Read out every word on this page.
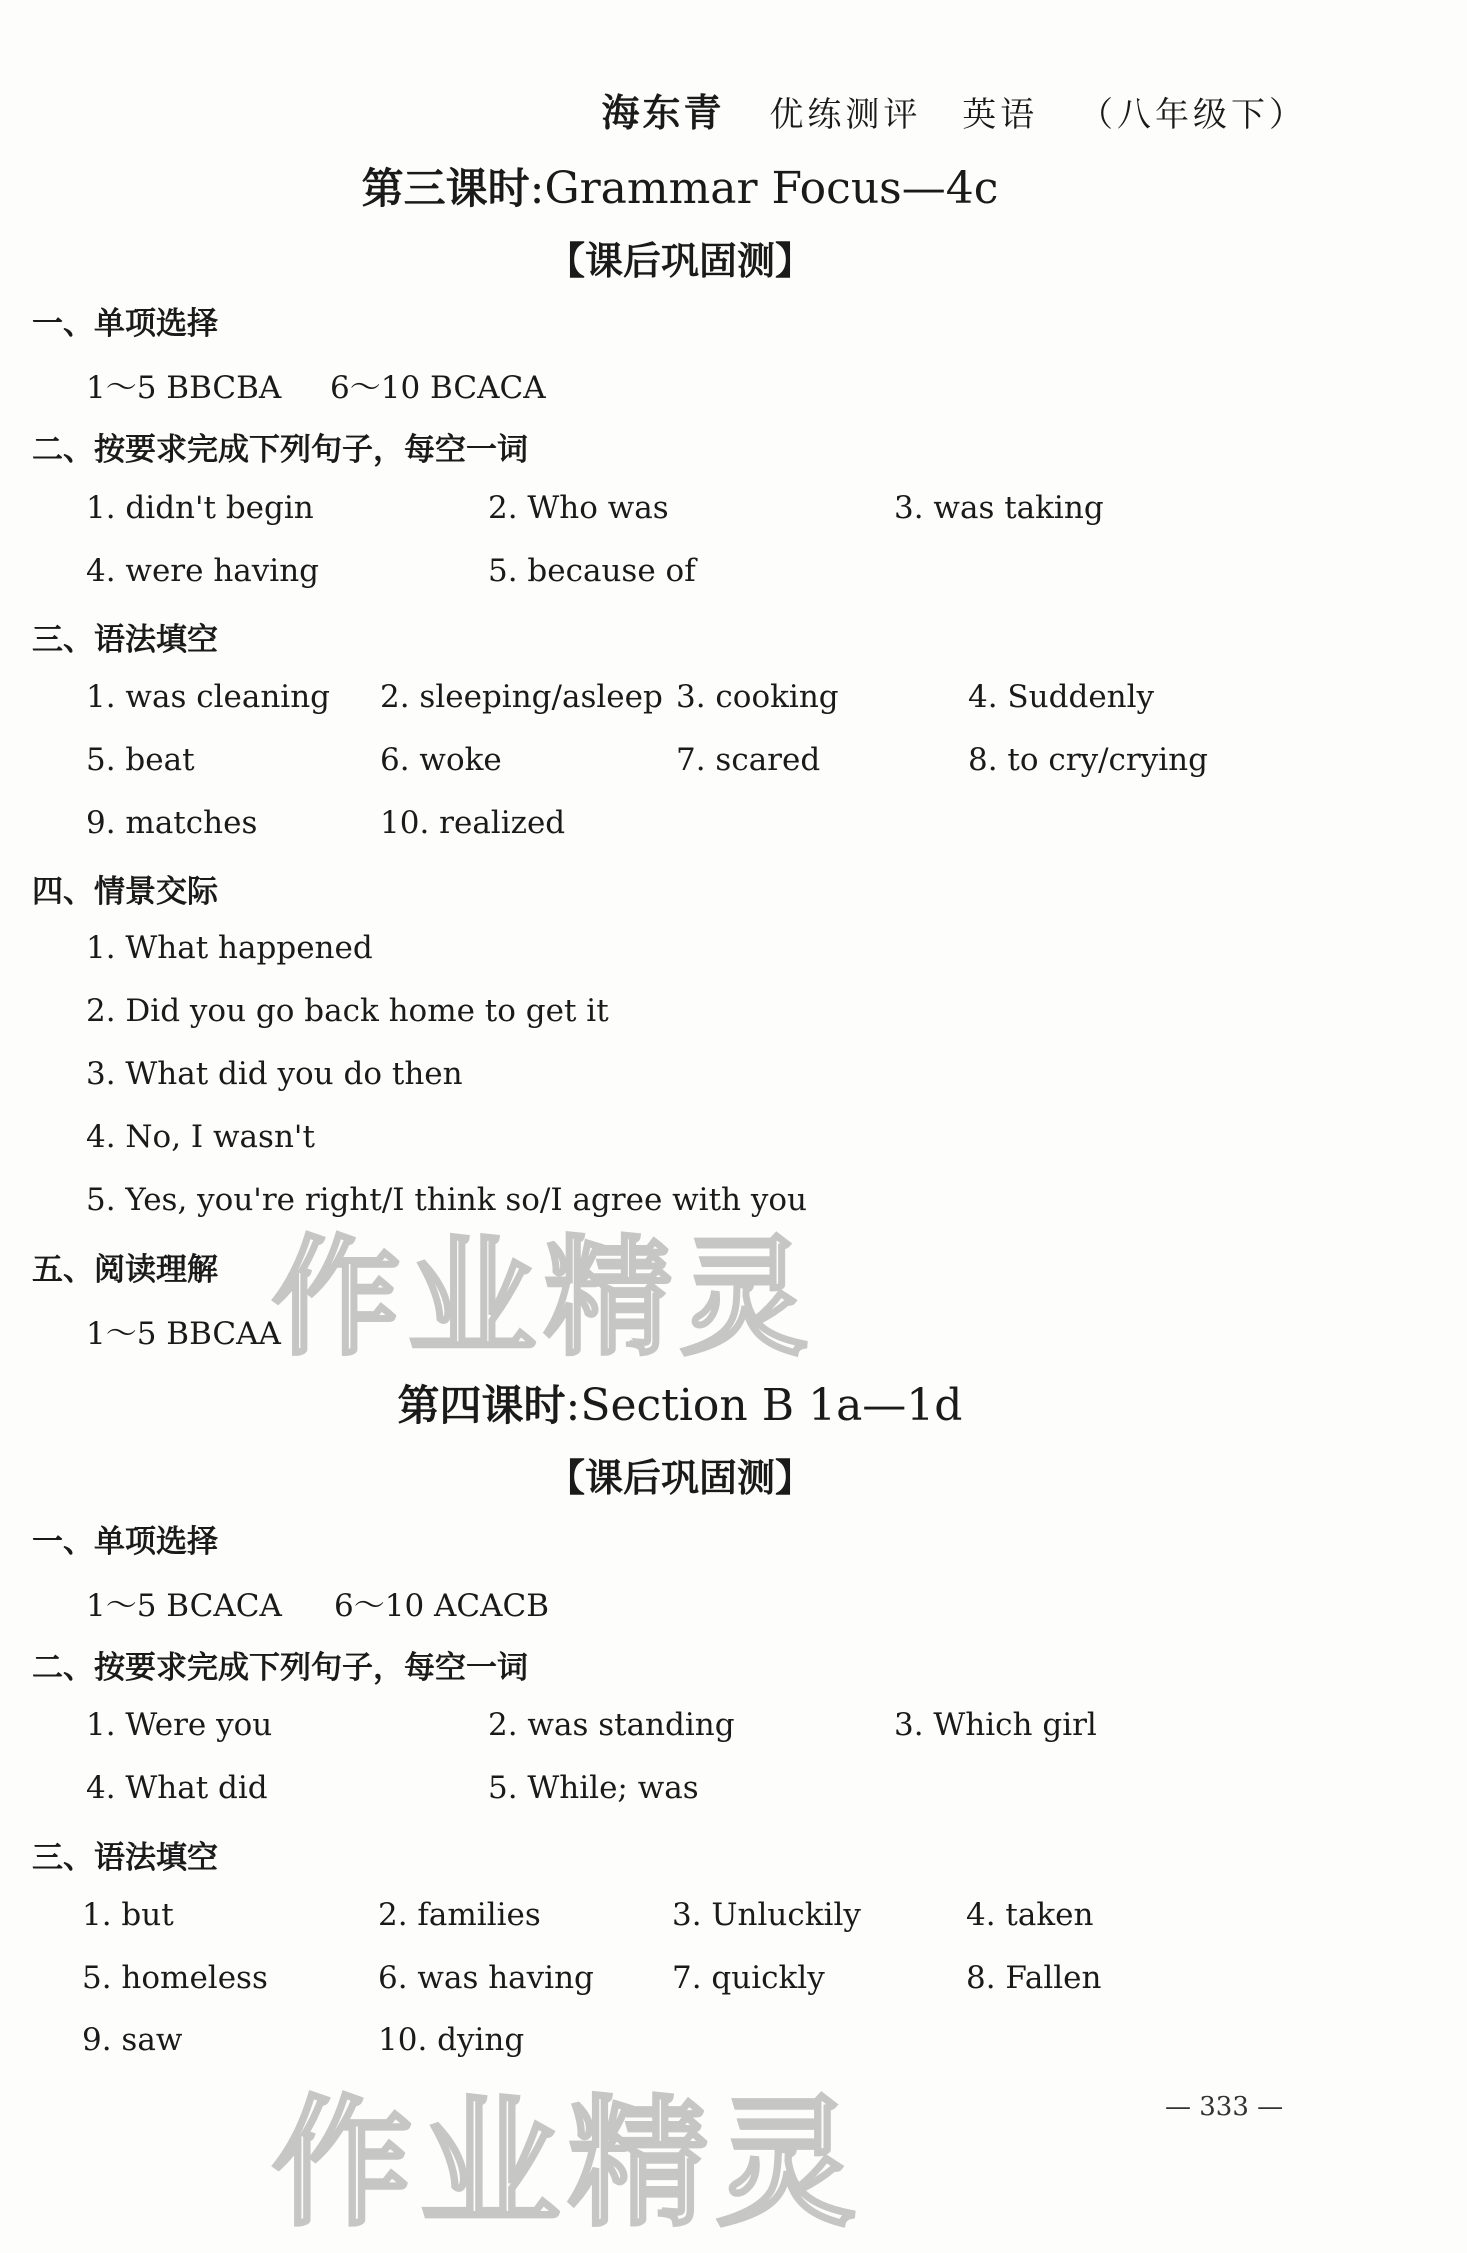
海东青 优练测评 英语 （八年级下）
第三课时:Grammar Focus—4c
【课后巩固测】
一、单项选择
1～5 BBCBA 6～10 BCACA
二、按要求完成下列句子，每空一词
1. didn't begin	2. Who was	3. was taking
4. were having	5. because of
三、语法填空
1. was cleaning 2. sleeping/asleep 3. cooking	4. Suddenly
5. beat	6. woke	7. scared	8. to cry/crying
9. matches	10. realized
四、情景交际
1. What happened
2. Did you go back home to get it
3. What did you do then
4. No, I wasn't
5. Yes, you're right/I think so/I agree with you
五、阅读理解
1～5 BBCAA
第四课时:Section B 1a—1d
【课后巩固测】
一、单项选择
1～5 BCACA 6～10 ACACB
二、按要求完成下列句子，每空一词
1. Were you	2. was standing	3. Which girl
4. What did	5. While; was
三、语法填空
1. but	2. families	3. Unluckily	4. taken
5. homeless	6. was having	7. quickly	8. Fallen
9. saw	10. dying
— 333 —
作业精灵
作业精灵
